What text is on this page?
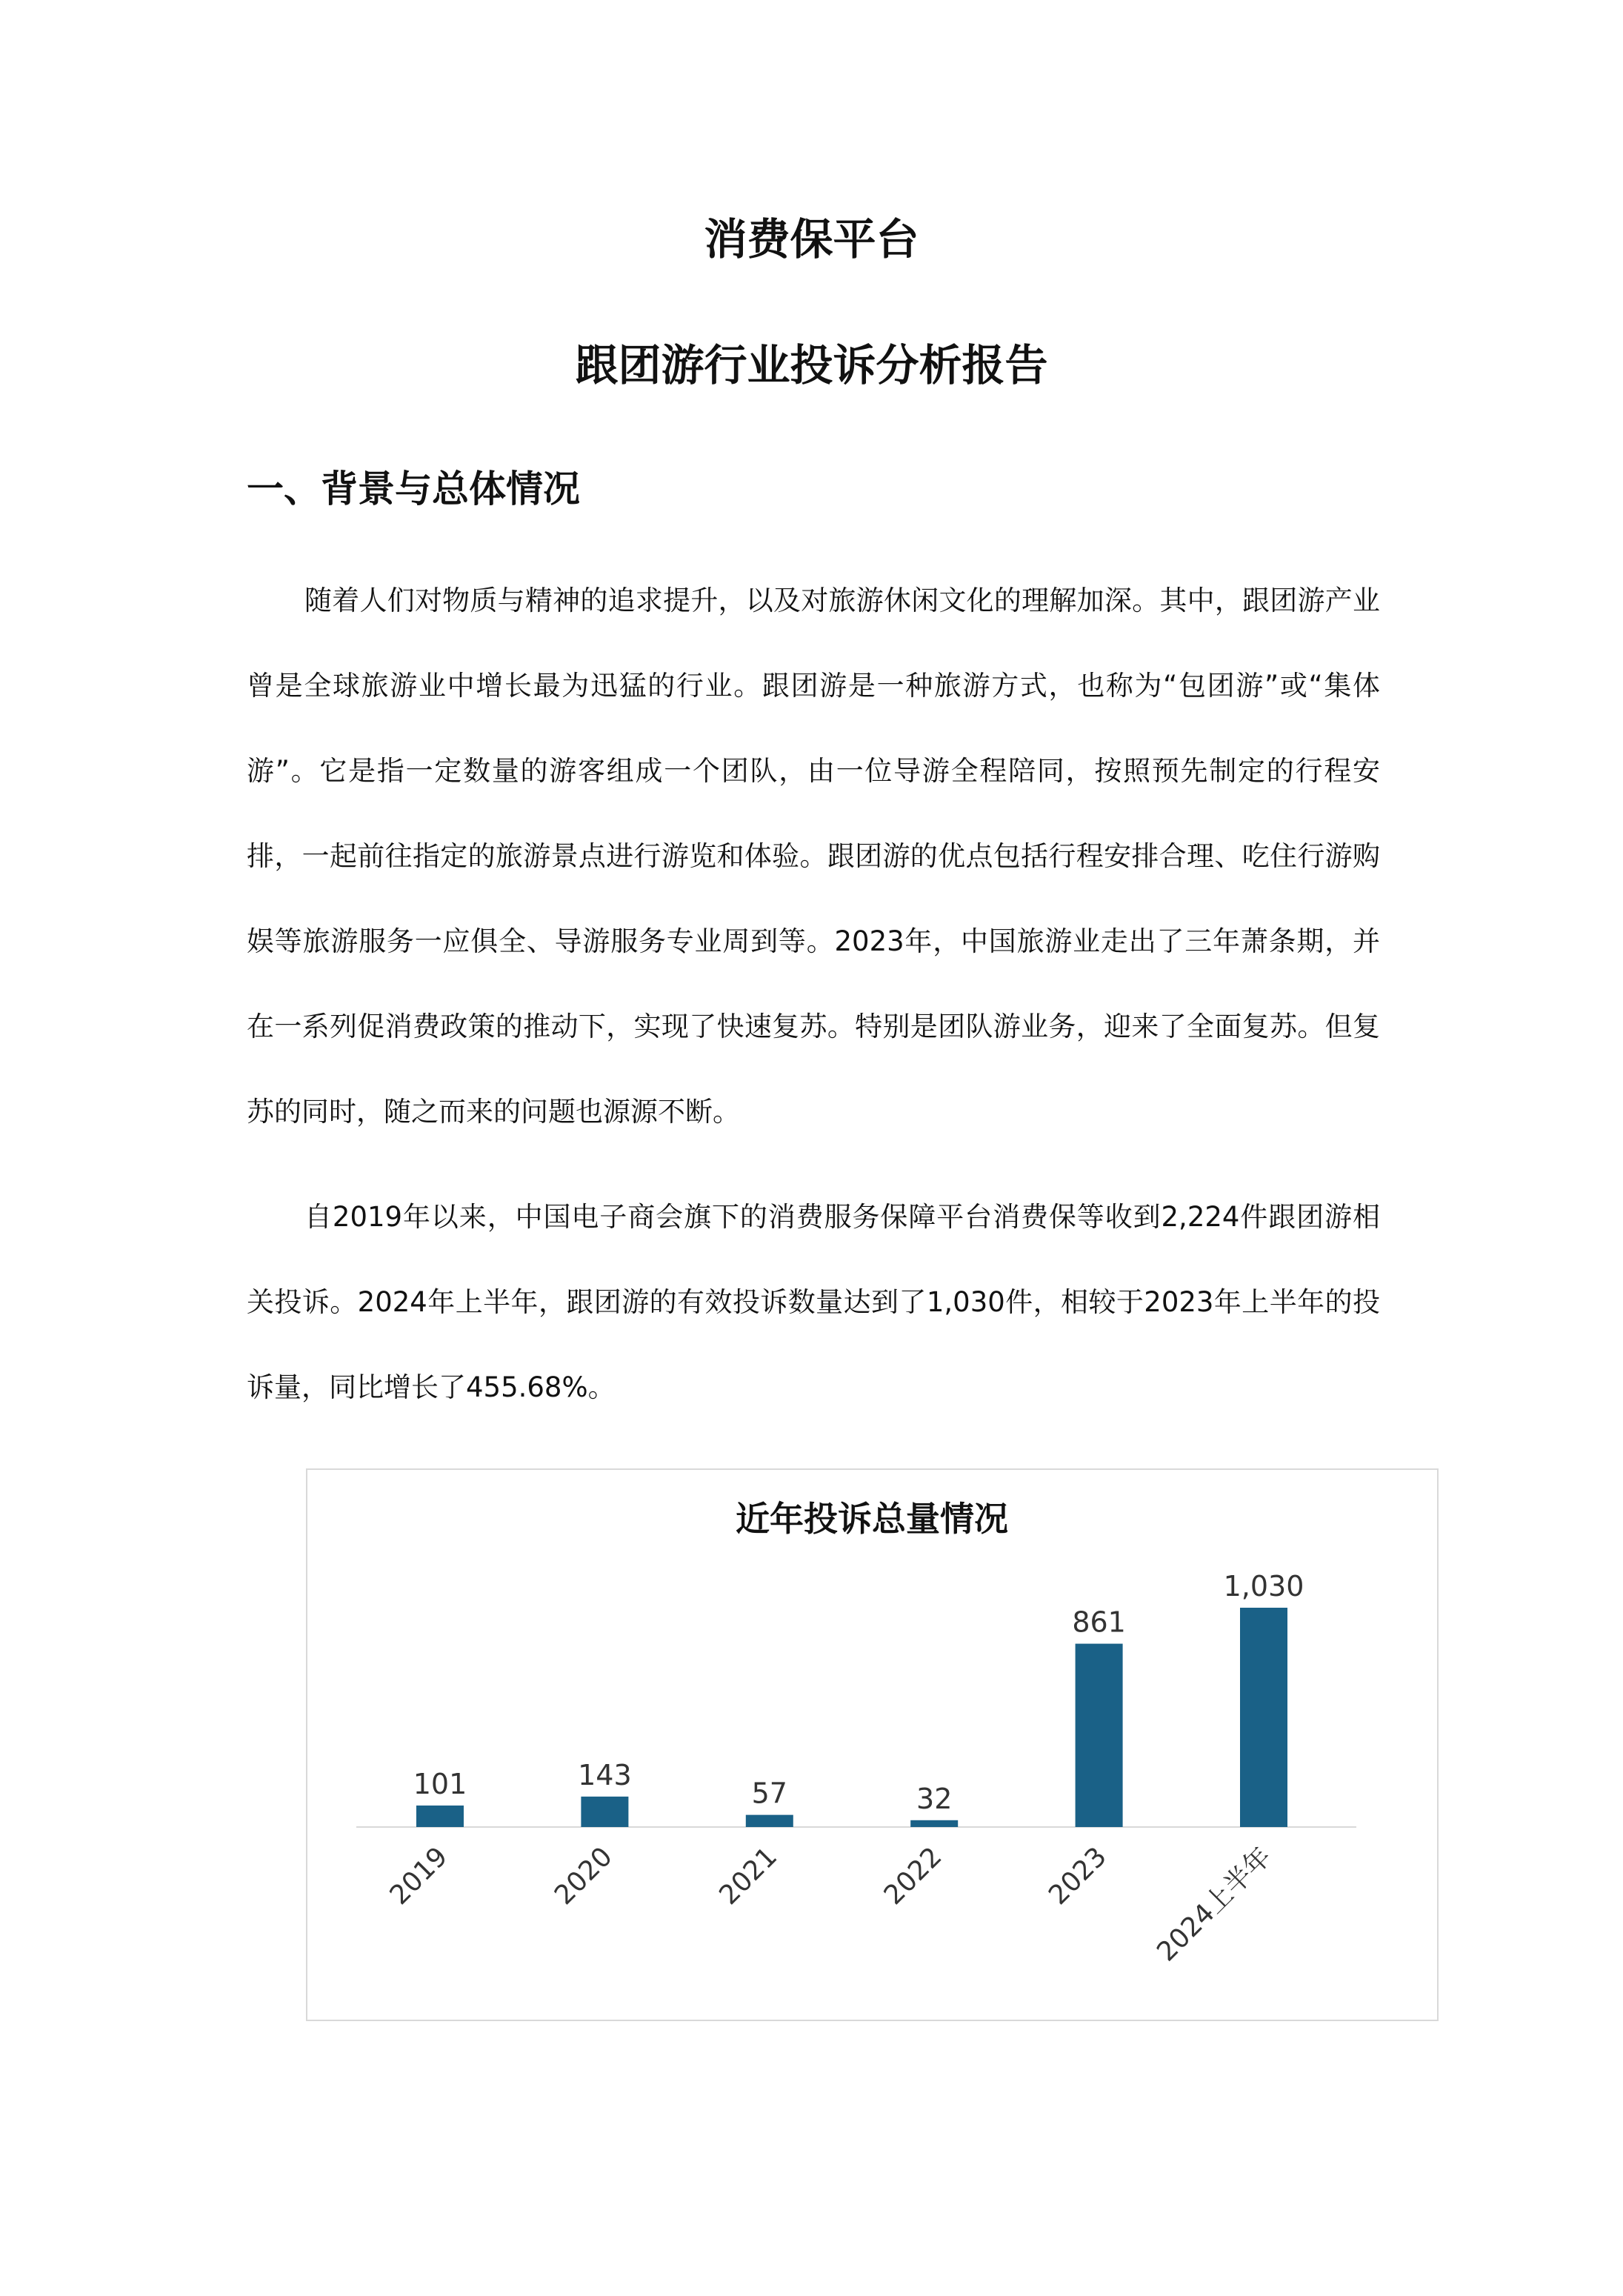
消费保平台
跟团游行业投诉分析报告
一、背景与总体情况

随着人们对物质与精神的追求提升，以及对旅游休闲文化的理解加深。其中，跟团游产业曾是全球旅游业中增长最为迅猛的行业。跟团游是一种旅游方式，也称为“包团游”或“集体游”。它是指一定数量的游客组成一个团队，由一位导游全程陪同，按照预先制定的行程安排，一起前往指定的旅游景点进行游览和体验。跟团游的优点包括行程安排合理、吃住行游购娱等旅游服务一应俱全、导游服务专业周到等。2023年，中国旅游业走出了三年萧条期，并在一系列促消费政策的推动下，实现了快速复苏。特别是团队游业务，迎来了全面复苏。但复苏的同时，随之而来的问题也源源不断。

自2019年以来，中国电子商会旗下的消费服务保障平台消费保等收到2,224件跟团游相关投诉。2024年上半年，跟团游的有效投诉数量达到了1,030件，相较于2023年上半年的投诉量，同比增长了455.68%。

近年投诉总量情况
101
2019
143
2020
57
2021
32
2022
861
2023
1,030
2024上半年
